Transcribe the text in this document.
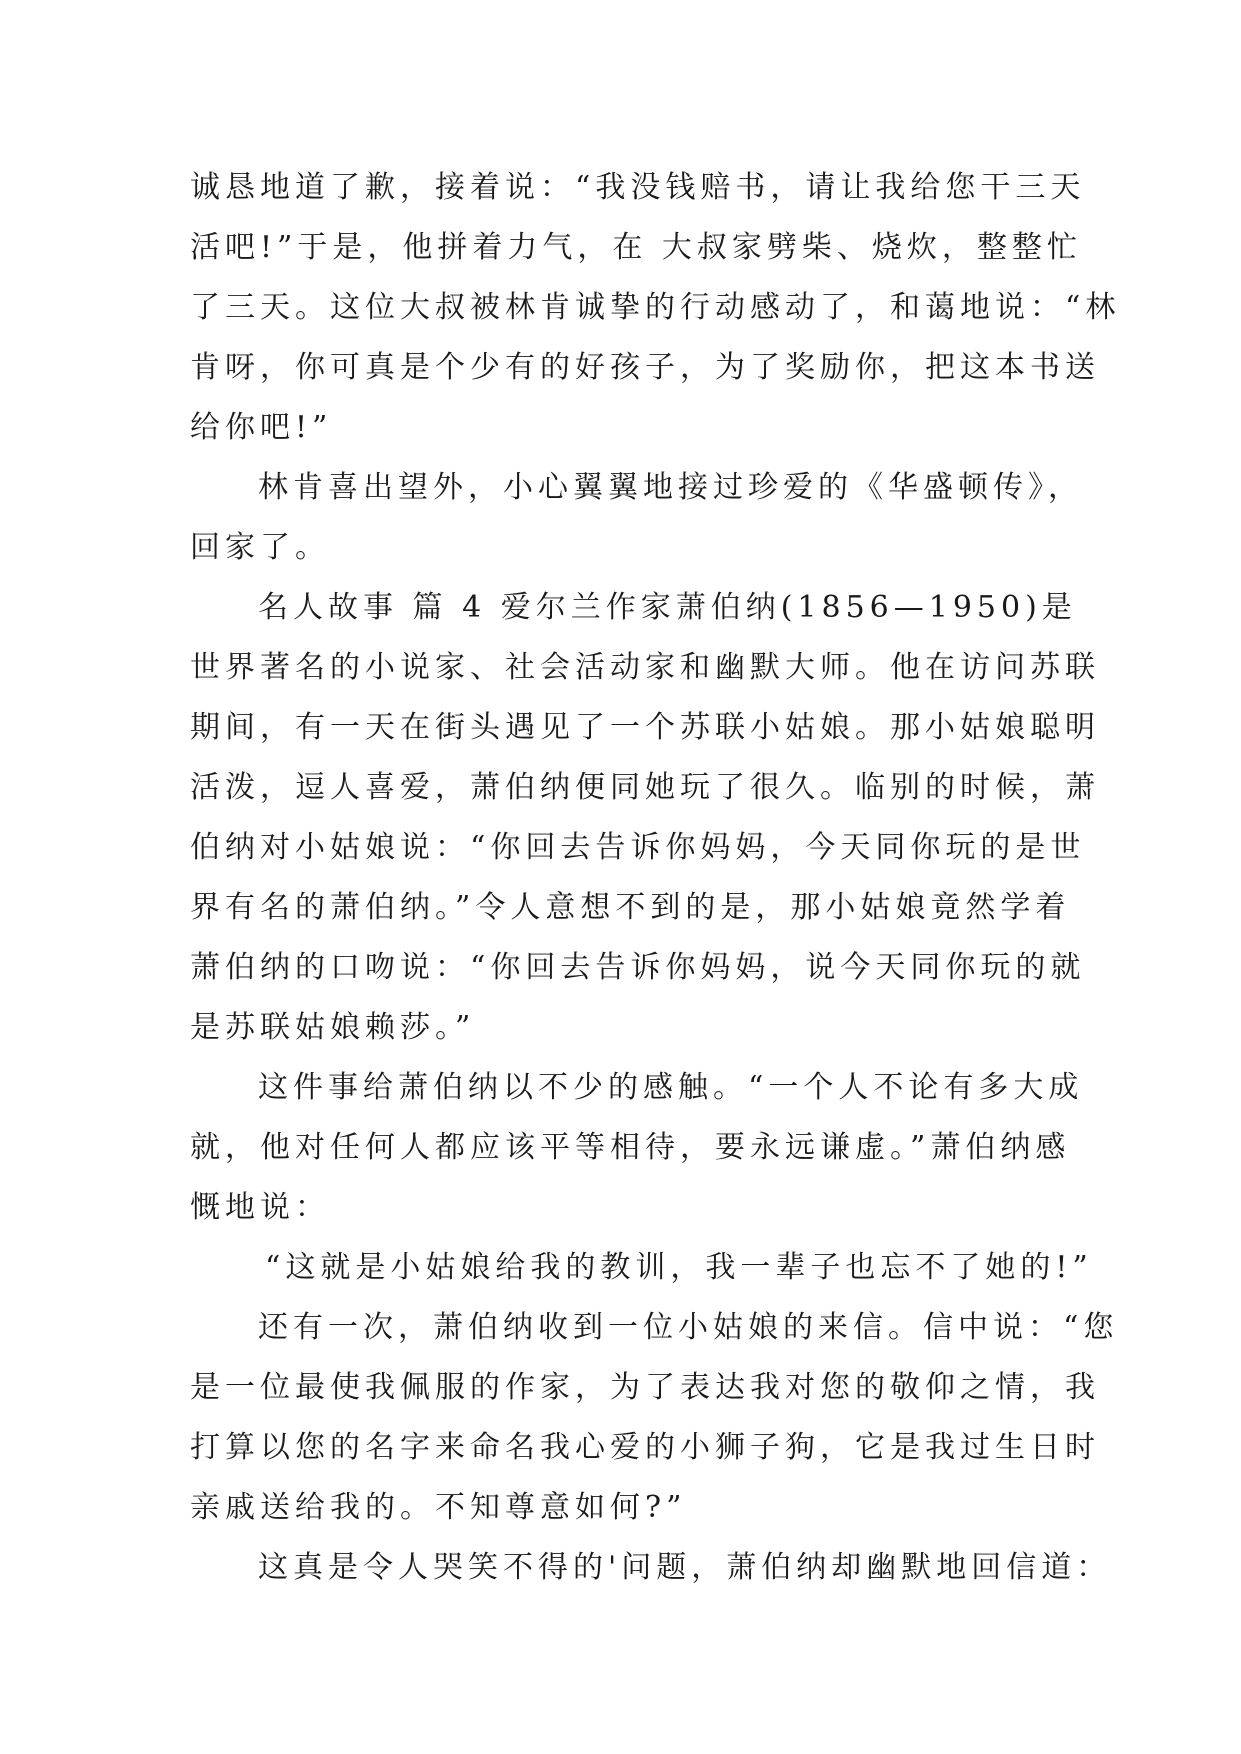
诚恳地道了歉，接着说：“我没钱赔书，请让我给您干三天
活吧!”于是，他拼着力气，在 大叔家劈柴、烧炊，整整忙
了三天。这位大叔被林肯诚挚的行动感动了，和蔼地说：“林
肯呀，你可真是个少有的好孩子，为了奖励你，把这本书送
给你吧!”
林肯喜出望外，小心翼翼地接过珍爱的《华盛顿传》，
回家了。
名人故事 篇 4 爱尔兰作家萧伯纳(1856—1950)是
世界著名的小说家、社会活动家和幽默大师。他在访问苏联
期间，有一天在街头遇见了一个苏联小姑娘。那小姑娘聪明
活泼，逗人喜爱，萧伯纳便同她玩了很久。临别的时候，萧
伯纳对小姑娘说：“你回去告诉你妈妈，今天同你玩的是世
界有名的萧伯纳。”令人意想不到的是，那小姑娘竟然学着
萧伯纳的口吻说：“你回去告诉你妈妈，说今天同你玩的就
是苏联姑娘赖莎。”
这件事给萧伯纳以不少的感触。“一个人不论有多大成
就，他对任何人都应该平等相待，要永远谦虚。”萧伯纳感
慨地说：
“这就是小姑娘给我的教训，我一辈子也忘不了她的!”
还有一次，萧伯纳收到一位小姑娘的来信。信中说：“您
是一位最使我佩服的作家，为了表达我对您的敬仰之情，我
打算以您的名字来命名我心爱的小狮子狗，它是我过生日时
亲戚送给我的。不知尊意如何?”
这真是令人哭笑不得的'问题，萧伯纳却幽默地回信道：
